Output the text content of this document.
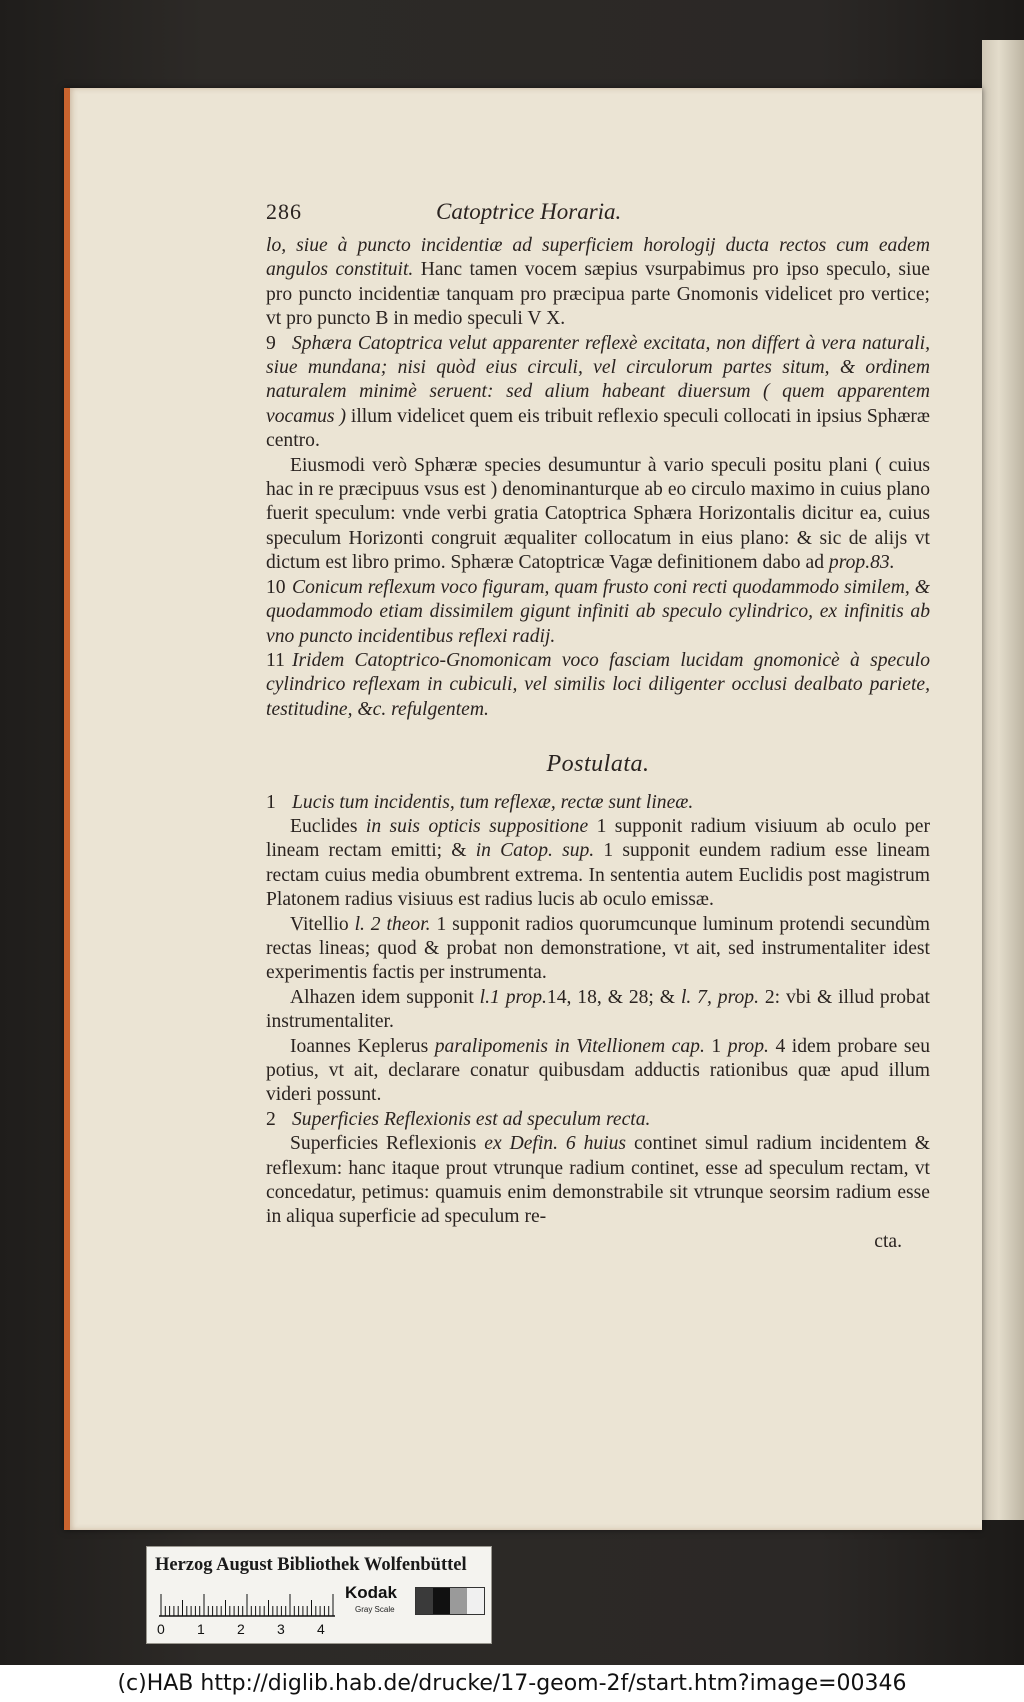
286	Catoptrice Horaria.

lo, siue à puncto incidentiæ ad superficiem horologij ducta rectos cum eadem angulos constituit. Hanc tamen vocem sæpius vsurpabimus pro ipso speculo, siue pro puncto incidentiæ tanquam pro præcipua parte Gnomonis videlicet pro vertice; vt pro puncto B in medio speculi V X.

9 Sphæra Catoptrica velut apparenter reflexè excitata, non differt à vera naturali, siue mundana; nisi quòd eius circuli, vel circulorum partes situm, & ordinem naturalem minimè seruent: sed alium habeant diuersum ( quem apparentem vocamus ) illum videlicet quem eis tribuit reflexio speculi collocati in ipsius Sphæræ centro.

Eiusmodi verò Sphæræ species desumuntur à vario speculi positu plani ( cuius hac in re præcipuus vsus est ) denominanturque ab eo circulo maximo in cuius plano fuerit speculum: vnde verbi gratia Catoptrica Sphæra Horizontalis dicitur ea, cuius speculum Horizonti congruit æqualiter collocatum in eius plano: & sic de alijs vt dictum est libro primo. Sphæræ Catoptricæ Vagæ definitionem dabo ad prop.83.

10 Conicum reflexum voco figuram, quam frusto coni recti quodammodo similem, & quodammodo etiam dissimilem gigunt infiniti ab speculo cylindrico, ex infinitis ab vno puncto incidentibus reflexi radij.

11 Iridem Catoptrico-Gnomonicam voco fasciam lucidam gnomonicè à speculo cylindrico reflexam in cubiculi, vel similis loci diligenter occlusi dealbato pariete, testitudine, &c. refulgentem.

Postulata.

1 Lucis tum incidentis, tum reflexæ, rectæ sunt lineæ.

Euclides in suis opticis suppositione 1 supponit radium visiuum ab oculo per lineam rectam emitti; & in Catop. sup. 1 supponit eundem radium esse lineam rectam cuius media obumbrent extrema. In sententia autem Euclidis post magistrum Platonem radius visiuus est radius lucis ab oculo emissæ.

Vitellio l. 2 theor. 1 supponit radios quorumcunque luminum protendi secundùm rectas lineas; quod & probat non demonstratione, vt ait, sed instrumentaliter idest experimentis factis per instrumenta.

Alhazen idem supponit l.1 prop.14, 18, & 28; & l. 7, prop. 2: vbi & illud probat instrumentaliter.

Ioannes Keplerus paralipomenis in Vitellionem cap. 1 prop. 4 idem probare seu potius, vt ait, declarare conatur quibusdam adductis rationibus quæ apud illum videri possunt.

2 Superficies Reflexionis est ad speculum recta.

Superficies Reflexionis ex Defin. 6 huius continet simul radium incidentem & reflexum: hanc itaque prout vtrunque radium continet, esse ad speculum rectam, vt concedatur, petimus: quamuis enim demonstrabile sit vtrunque seorsim radium esse in aliqua superficie ad speculum re-

cta.
Herzog August Bibliothek Wolfenbüttel
0 1 2 3 4
Kodak
Gray Scale
(c)HAB http://diglib.hab.de/drucke/17-geom-2f/start.htm?image=00346
